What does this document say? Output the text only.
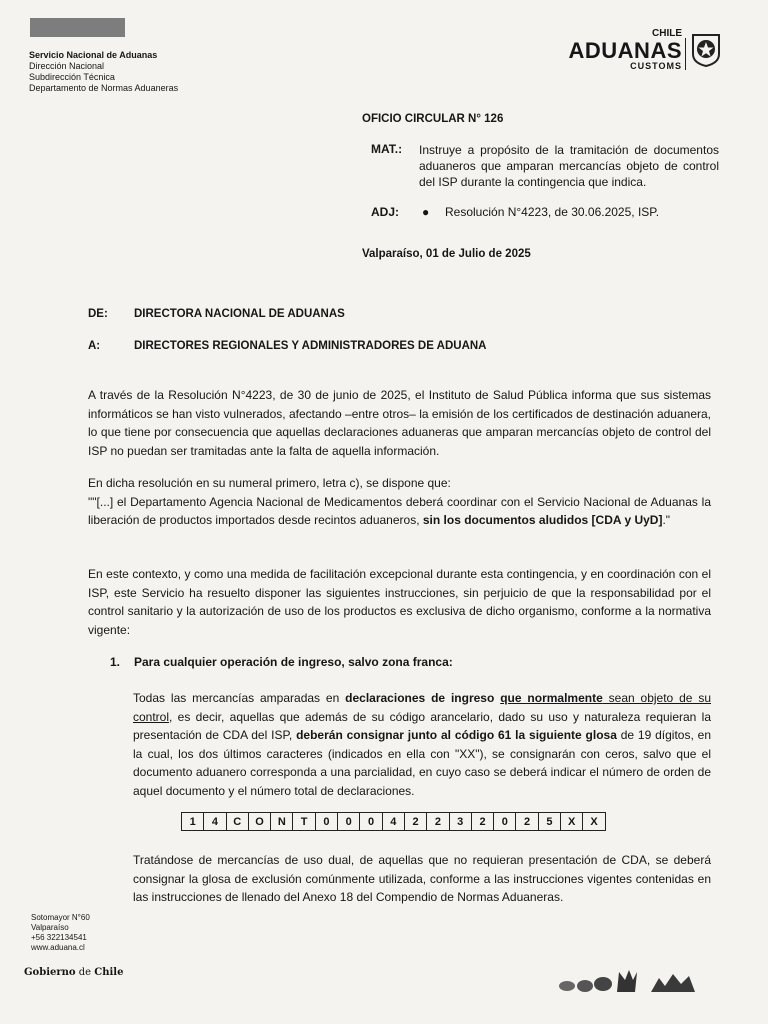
Servicio Nacional de Aduanas
Dirección Nacional
Subdirección Técnica
Departamento de Normas Aduaneras
CHILE
ADUANAS
CUSTOMS
OFICIO CIRCULAR N° 126
MAT.: Instruye a propósito de la tramitación de documentos aduaneros que amparan mercancías objeto de control del ISP durante la contingencia que indica.
ADJ: ● Resolución N°4223, de 30.06.2025, ISP.
Valparaíso, 01 de Julio de 2025
DE: DIRECTORA NACIONAL DE ADUANAS
A:	DIRECTORES REGIONALES Y ADMINISTRADORES DE ADUANA
A través de la Resolución N°4223, de 30 de junio de 2025, el Instituto de Salud Pública informa que sus sistemas informáticos se han visto vulnerados, afectando –entre otros– la emisión de los certificados de destinación aduanera, lo que tiene por consecuencia que aquellas declaraciones aduaneras que amparan mercancías objeto de control del ISP no puedan ser tramitadas ante la falta de aquella información.
En dicha resolución en su numeral primero, letra c), se dispone que:
""[...] el Departamento Agencia Nacional de Medicamentos deberá coordinar con el Servicio Nacional de Aduanas la liberación de productos importados desde recintos aduaneros, sin los documentos aludidos [CDA y UyD]."
En este contexto, y como una medida de facilitación excepcional durante esta contingencia, y en coordinación con el ISP, este Servicio ha resuelto disponer las siguientes instrucciones, sin perjuicio de que la responsabilidad por el control sanitario y la autorización de uso de los productos es exclusiva de dicho organismo, conforme a la normativa vigente:
1. Para cualquier operación de ingreso, salvo zona franca:
Todas las mercancías amparadas en declaraciones de ingreso que normalmente sean objeto de su control, es decir, aquellas que además de su código arancelario, dado su uso y naturaleza requieran la presentación de CDA del ISP, deberán consignar junto al código 61 la siguiente glosa de 19 dígitos, en la cual, los dos últimos caracteres (indicados en ella con "XX"), se consignarán con ceros, salvo que el documento aduanero corresponda a una parcialidad, en cuyo caso se deberá indicar el número de orden de aquel documento y el número total de declaraciones.
1	4	C	O	N	T	0	0	0	4	2	2	3	2	0	2	5	X	X
Tratándose de mercancías de uso dual, de aquellas que no requieran presentación de CDA, se deberá consignar la glosa de exclusión comúnmente utilizada, conforme a las instrucciones vigentes contenidas en las instrucciones de llenado del Anexo 18 del Compendio de Normas Aduaneras.
Sotomayor N°60
Valparaíso
+56 322134541
www.aduana.cl
Gobierno de Chile
